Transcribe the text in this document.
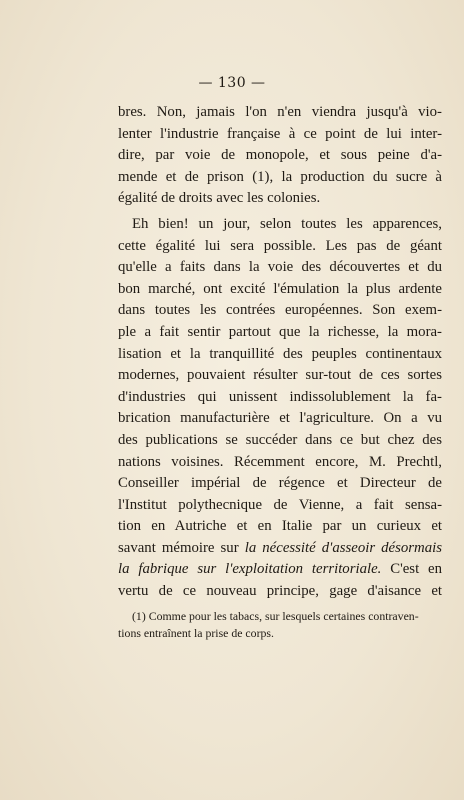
— 130 —
bres. Non, jamais l'on n'en viendra jusqu'à vio-
lenter l'industrie française à ce point de lui inter-
dire, par voie de monopole, et sous peine d'a-
mende et de prison (1), la production du sucre à
égalité de droits avec les colonies.
Eh bien! un jour, selon toutes les apparences,
cette égalité lui sera possible. Les pas de géant
qu'elle a faits dans la voie des découvertes et du
bon marché, ont excité l'émulation la plus ardente
dans toutes les contrées européennes. Son exem-
ple a fait sentir partout que la richesse, la mora-
lisation et la tranquillité des peuples continentaux
modernes, pouvaient résulter sur-tout de ces sortes
d'industries qui unissent indissolublement la fa-
brication manufacturière et l'agriculture. On a vu
des publications se succéder dans ce but chez des
nations voisines. Récemment encore, M. Prechtl,
Conseiller impérial de régence et Directeur de
l'Institut polythecnique de Vienne, a fait sensa-
tion en Autriche et en Italie par un curieux et
savant mémoire sur la nécessité d'asseoir désormais
la fabrique sur l'exploitation territoriale. C'est en
vertu de ce nouveau principe, gage d'aisance et
(1) Comme pour les tabacs, sur lesquels certaines contraven-
tions entraînent la prise de corps.
